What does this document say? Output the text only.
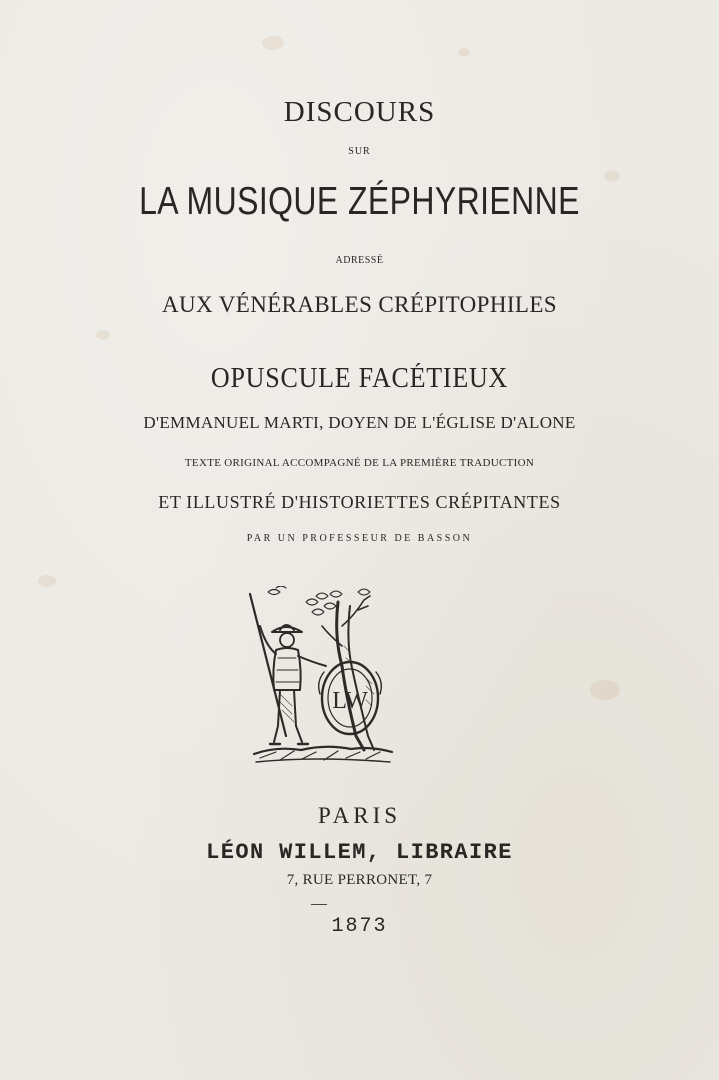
DISCOURS
SUR
LA MUSIQUE ZÉPHYRIENNE
ADRESSÉ
AUX VÉNÉRABLES CRÉPITOPHILES
OPUSCULE FACÉTIEUX
D'EMMANUEL MARTI, DOYEN DE L'ÉGLISE D'ALONE
TEXTE ORIGINAL ACCOMPAGNÉ DE LA PREMIÈRE TRADUCTION
ET ILLUSTRÉ D'HISTORIETTES CRÉPITANTES
PAR UN PROFESSEUR DE BASSON
LW
PARIS
LÉON WILLEM, LIBRAIRE
7, RUE PERRONET, 7
1873
